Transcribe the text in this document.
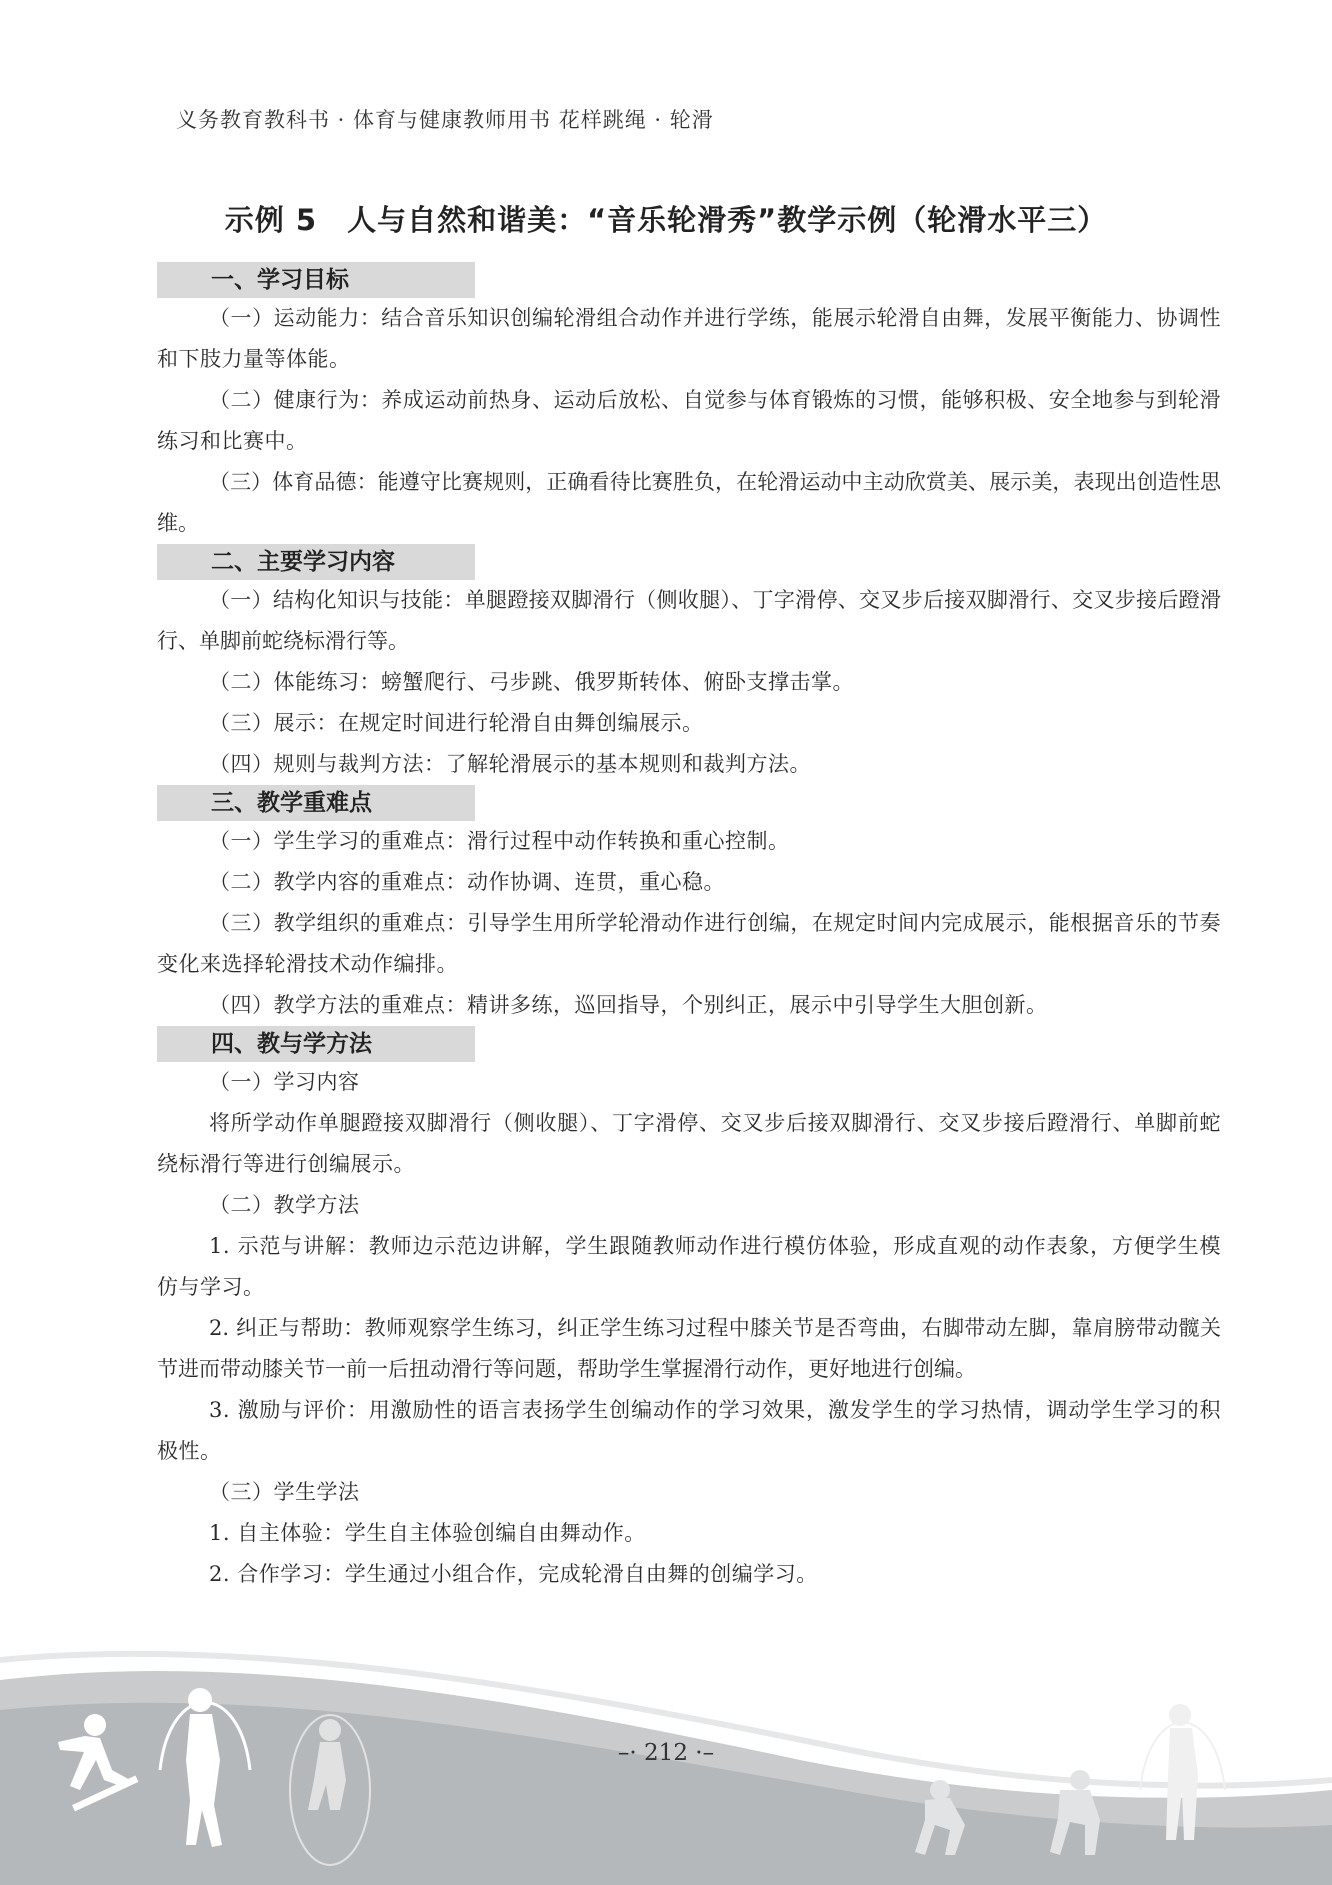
义务教育教科书 · 体育与健康教师用书 花样跳绳 · 轮滑
示例 5　人与自然和谐美：“音乐轮滑秀”教学示例（轮滑水平三）
一、学习目标

（一）运动能力：结合音乐知识创编轮滑组合动作并进行学练，能展示轮滑自由舞，发展平衡能力、协调性和下肢力量等体能。

（二）健康行为：养成运动前热身、运动后放松、自觉参与体育锻炼的习惯，能够积极、安全地参与到轮滑练习和比赛中。

（三）体育品德：能遵守比赛规则，正确看待比赛胜负，在轮滑运动中主动欣赏美、展示美，表现出创造性思维。

二、主要学习内容

（一）结构化知识与技能：单腿蹬接双脚滑行（侧收腿）、丁字滑停、交叉步后接双脚滑行、交叉步接后蹬滑行、单脚前蛇绕标滑行等。

（二）体能练习：螃蟹爬行、弓步跳、俄罗斯转体、俯卧支撑击掌。

（三）展示：在规定时间进行轮滑自由舞创编展示。

（四）规则与裁判方法：了解轮滑展示的基本规则和裁判方法。

三、教学重难点

（一）学生学习的重难点：滑行过程中动作转换和重心控制。

（二）教学内容的重难点：动作协调、连贯，重心稳。

（三）教学组织的重难点：引导学生用所学轮滑动作进行创编，在规定时间内完成展示，能根据音乐的节奏变化来选择轮滑技术动作编排。

（四）教学方法的重难点：精讲多练，巡回指导，个别纠正，展示中引导学生大胆创新。

四、教与学方法

（一）学习内容

将所学动作单腿蹬接双脚滑行（侧收腿）、丁字滑停、交叉步后接双脚滑行、交叉步接后蹬滑行、单脚前蛇绕标滑行等进行创编展示。

（二）教学方法

1. 示范与讲解：教师边示范边讲解，学生跟随教师动作进行模仿体验，形成直观的动作表象，方便学生模仿与学习。

2. 纠正与帮助：教师观察学生练习，纠正学生练习过程中膝关节是否弯曲，右脚带动左脚，靠肩膀带动髋关节进而带动膝关节一前一后扭动滑行等问题，帮助学生掌握滑行动作，更好地进行创编。

3. 激励与评价：用激励性的语言表扬学生创编动作的学习效果，激发学生的学习热情，调动学生学习的积极性。

（三）学生学法

1. 自主体验：学生自主体验创编自由舞动作。

2. 合作学习：学生通过小组合作，完成轮滑自由舞的创编学习。

–· 212 ·–
